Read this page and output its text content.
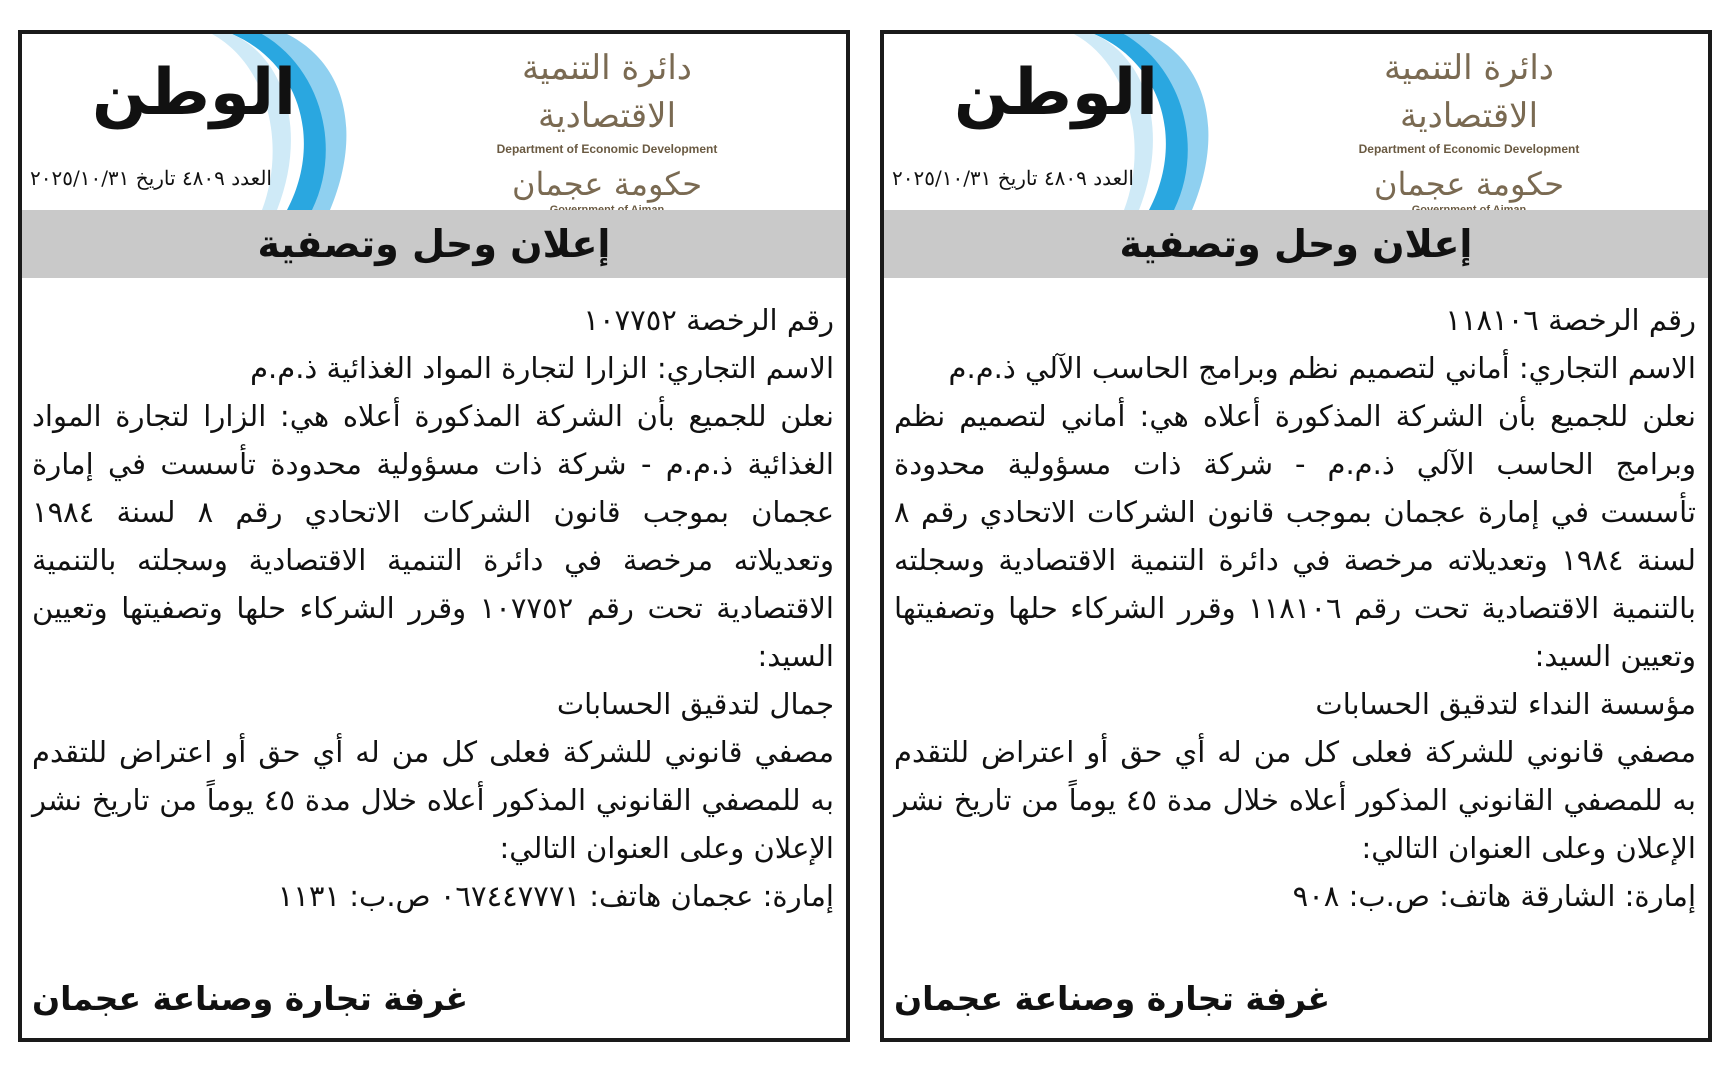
الوطن
العدد ٤٨٠٩ تاريخ ٢٠٢٥/١٠/٣١
دائرة التنمية الاقتصادية
Department of Economic Development
حكومة عجمان
إعلان وحل وتصفية

رقم الرخصة ١٠٧٧٥٢

الاسم التجاري: الزارا لتجارة المواد الغذائية ذ.م.م

نعلن للجميع بأن الشركة المذكورة أعلاه هي: الزارا لتجارة المواد الغذائية ذ.م.م - شركة ذات مسؤولية محدودة تأسست في إمارة عجمان بموجب قانون الشركات الاتحادي رقم ٨ لسنة ١٩٨٤ وتعديلاته مرخصة في دائرة التنمية الاقتصادية وسجلته بالتنمية الاقتصادية تحت رقم ١٠٧٧٥٢ وقرر الشركاء حلها وتصفيتها وتعيين السيد:

جمال لتدقيق الحسابات

مصفي قانوني للشركة فعلى كل من له أي حق أو اعتراض للتقدم به للمصفي القانوني المذكور أعلاه خلال مدة ٤٥ يوماً من تاريخ نشر الإعلان وعلى العنوان التالي:

إمارة: عجمان هاتف: ٠٦٧٤٤٧٧٧١ ص.ب: ١١٣١

غرفة تجارة وصناعة عجمان
الوطن
العدد ٤٨٠٩ تاريخ ٢٠٢٥/١٠/٣١
دائرة التنمية الاقتصادية
Department of Economic Development
حكومة عجمان
إعلان وحل وتصفية

رقم الرخصة ١١٨١٠٦

الاسم التجاري: أماني لتصميم نظم وبرامج الحاسب الآلي ذ.م.م

نعلن للجميع بأن الشركة المذكورة أعلاه هي: أماني لتصميم نظم وبرامج الحاسب الآلي ذ.م.م - شركة ذات مسؤولية محدودة تأسست في إمارة عجمان بموجب قانون الشركات الاتحادي رقم ٨ لسنة ١٩٨٤ وتعديلاته مرخصة في دائرة التنمية الاقتصادية وسجلته بالتنمية الاقتصادية تحت رقم ١١٨١٠٦ وقرر الشركاء حلها وتصفيتها وتعيين السيد:

مؤسسة النداء لتدقيق الحسابات

مصفي قانوني للشركة فعلى كل من له أي حق أو اعتراض للتقدم به للمصفي القانوني المذكور أعلاه خلال مدة ٤٥ يوماً من تاريخ نشر الإعلان وعلى العنوان التالي:

إمارة: الشارقة هاتف: ص.ب: ٩٠٨

غرفة تجارة وصناعة عجمان
